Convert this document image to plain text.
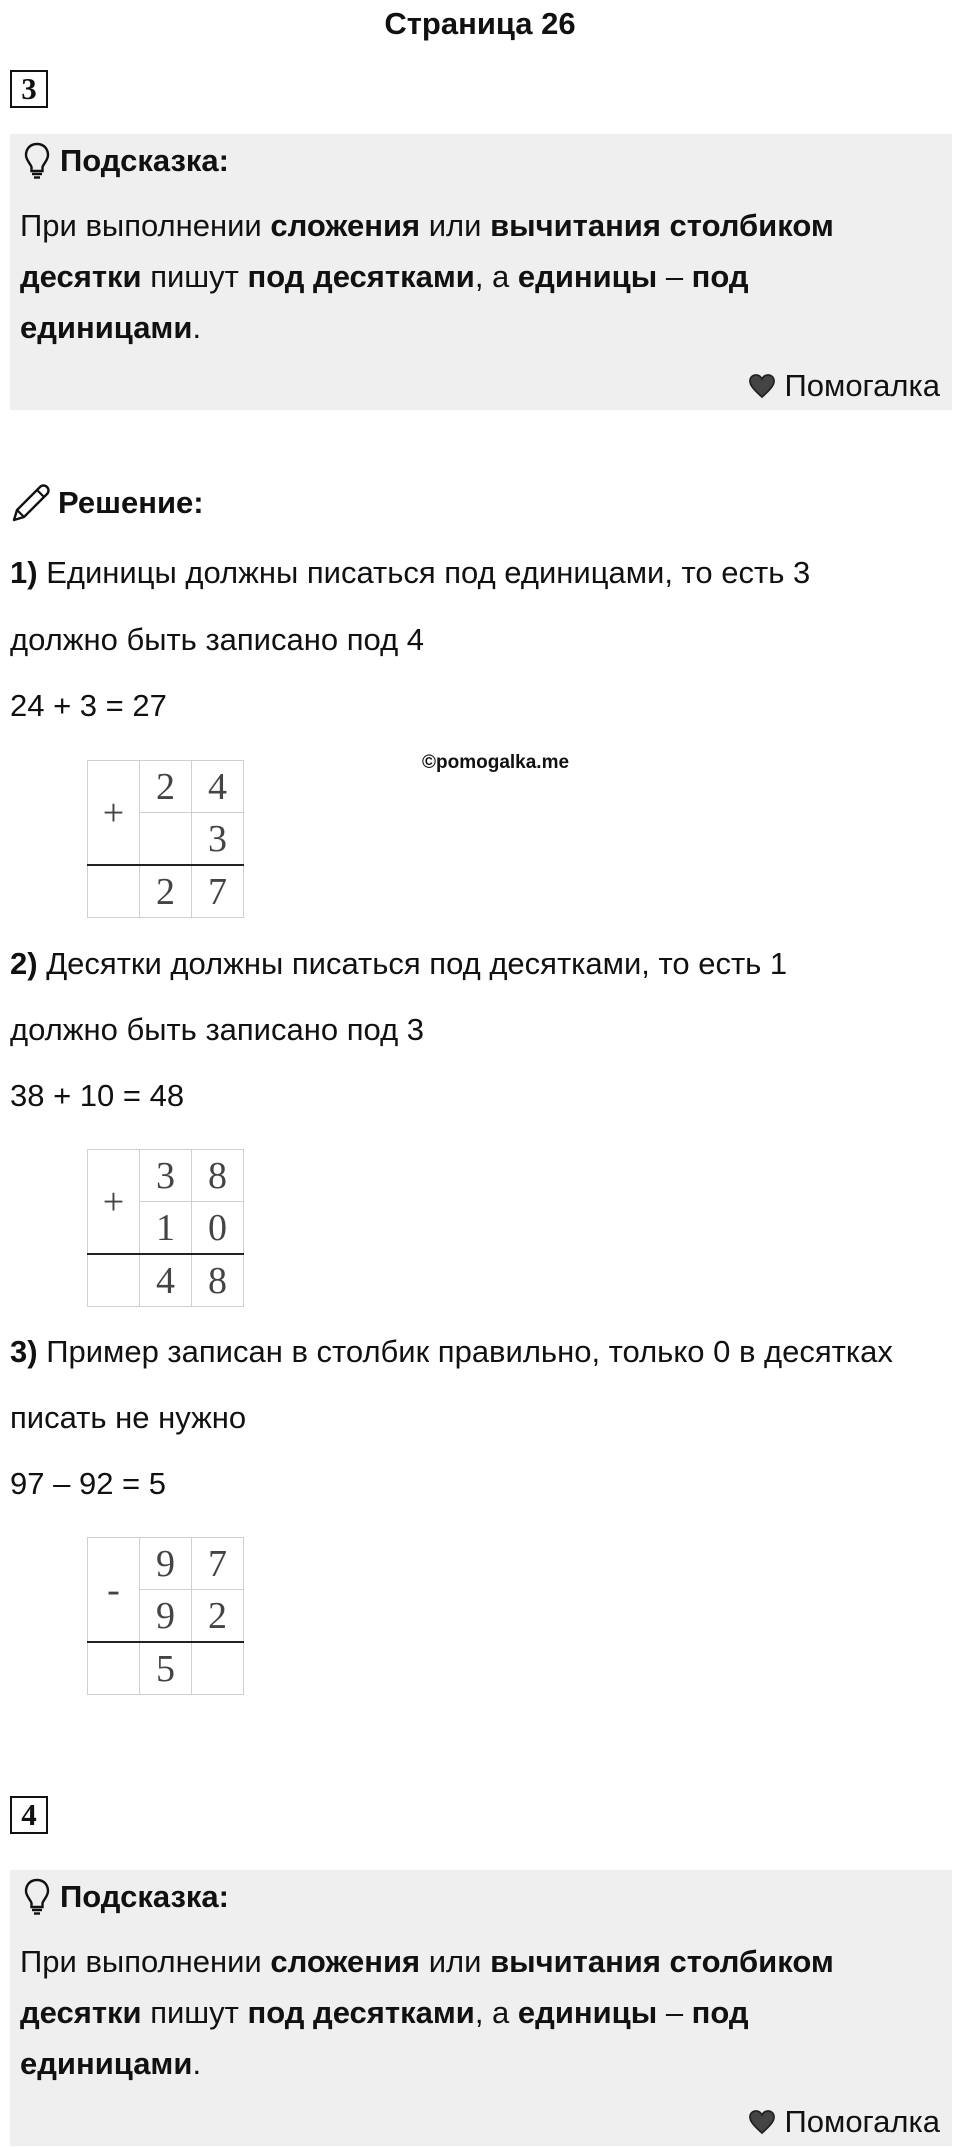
Страница 26
3
Подсказка:
При выполнении сложения или вычитания столбиком
десятки пишут под десятками, а единицы – под
единицами.
Помогалка
Решение:
©pomogalka.me
1) Единицы должны писаться под единицами, то есть 3
должно быть записано под 4
24 + 3 = 27
+	2	4
		3
	2	7
2) Десятки должны писаться под десятками, то есть 1
должно быть записано под 3
38 + 10 = 48
+	3	8
	1	0
	4	8
3) Пример записан в столбик правильно, только 0 в десятках
писать не нужно
97 – 92 = 5
-	9	7
	9	2
	5	
4
Подсказка:
При выполнении сложения или вычитания столбиком
десятки пишут под десятками, а единицы – под
единицами.
Помогалка
